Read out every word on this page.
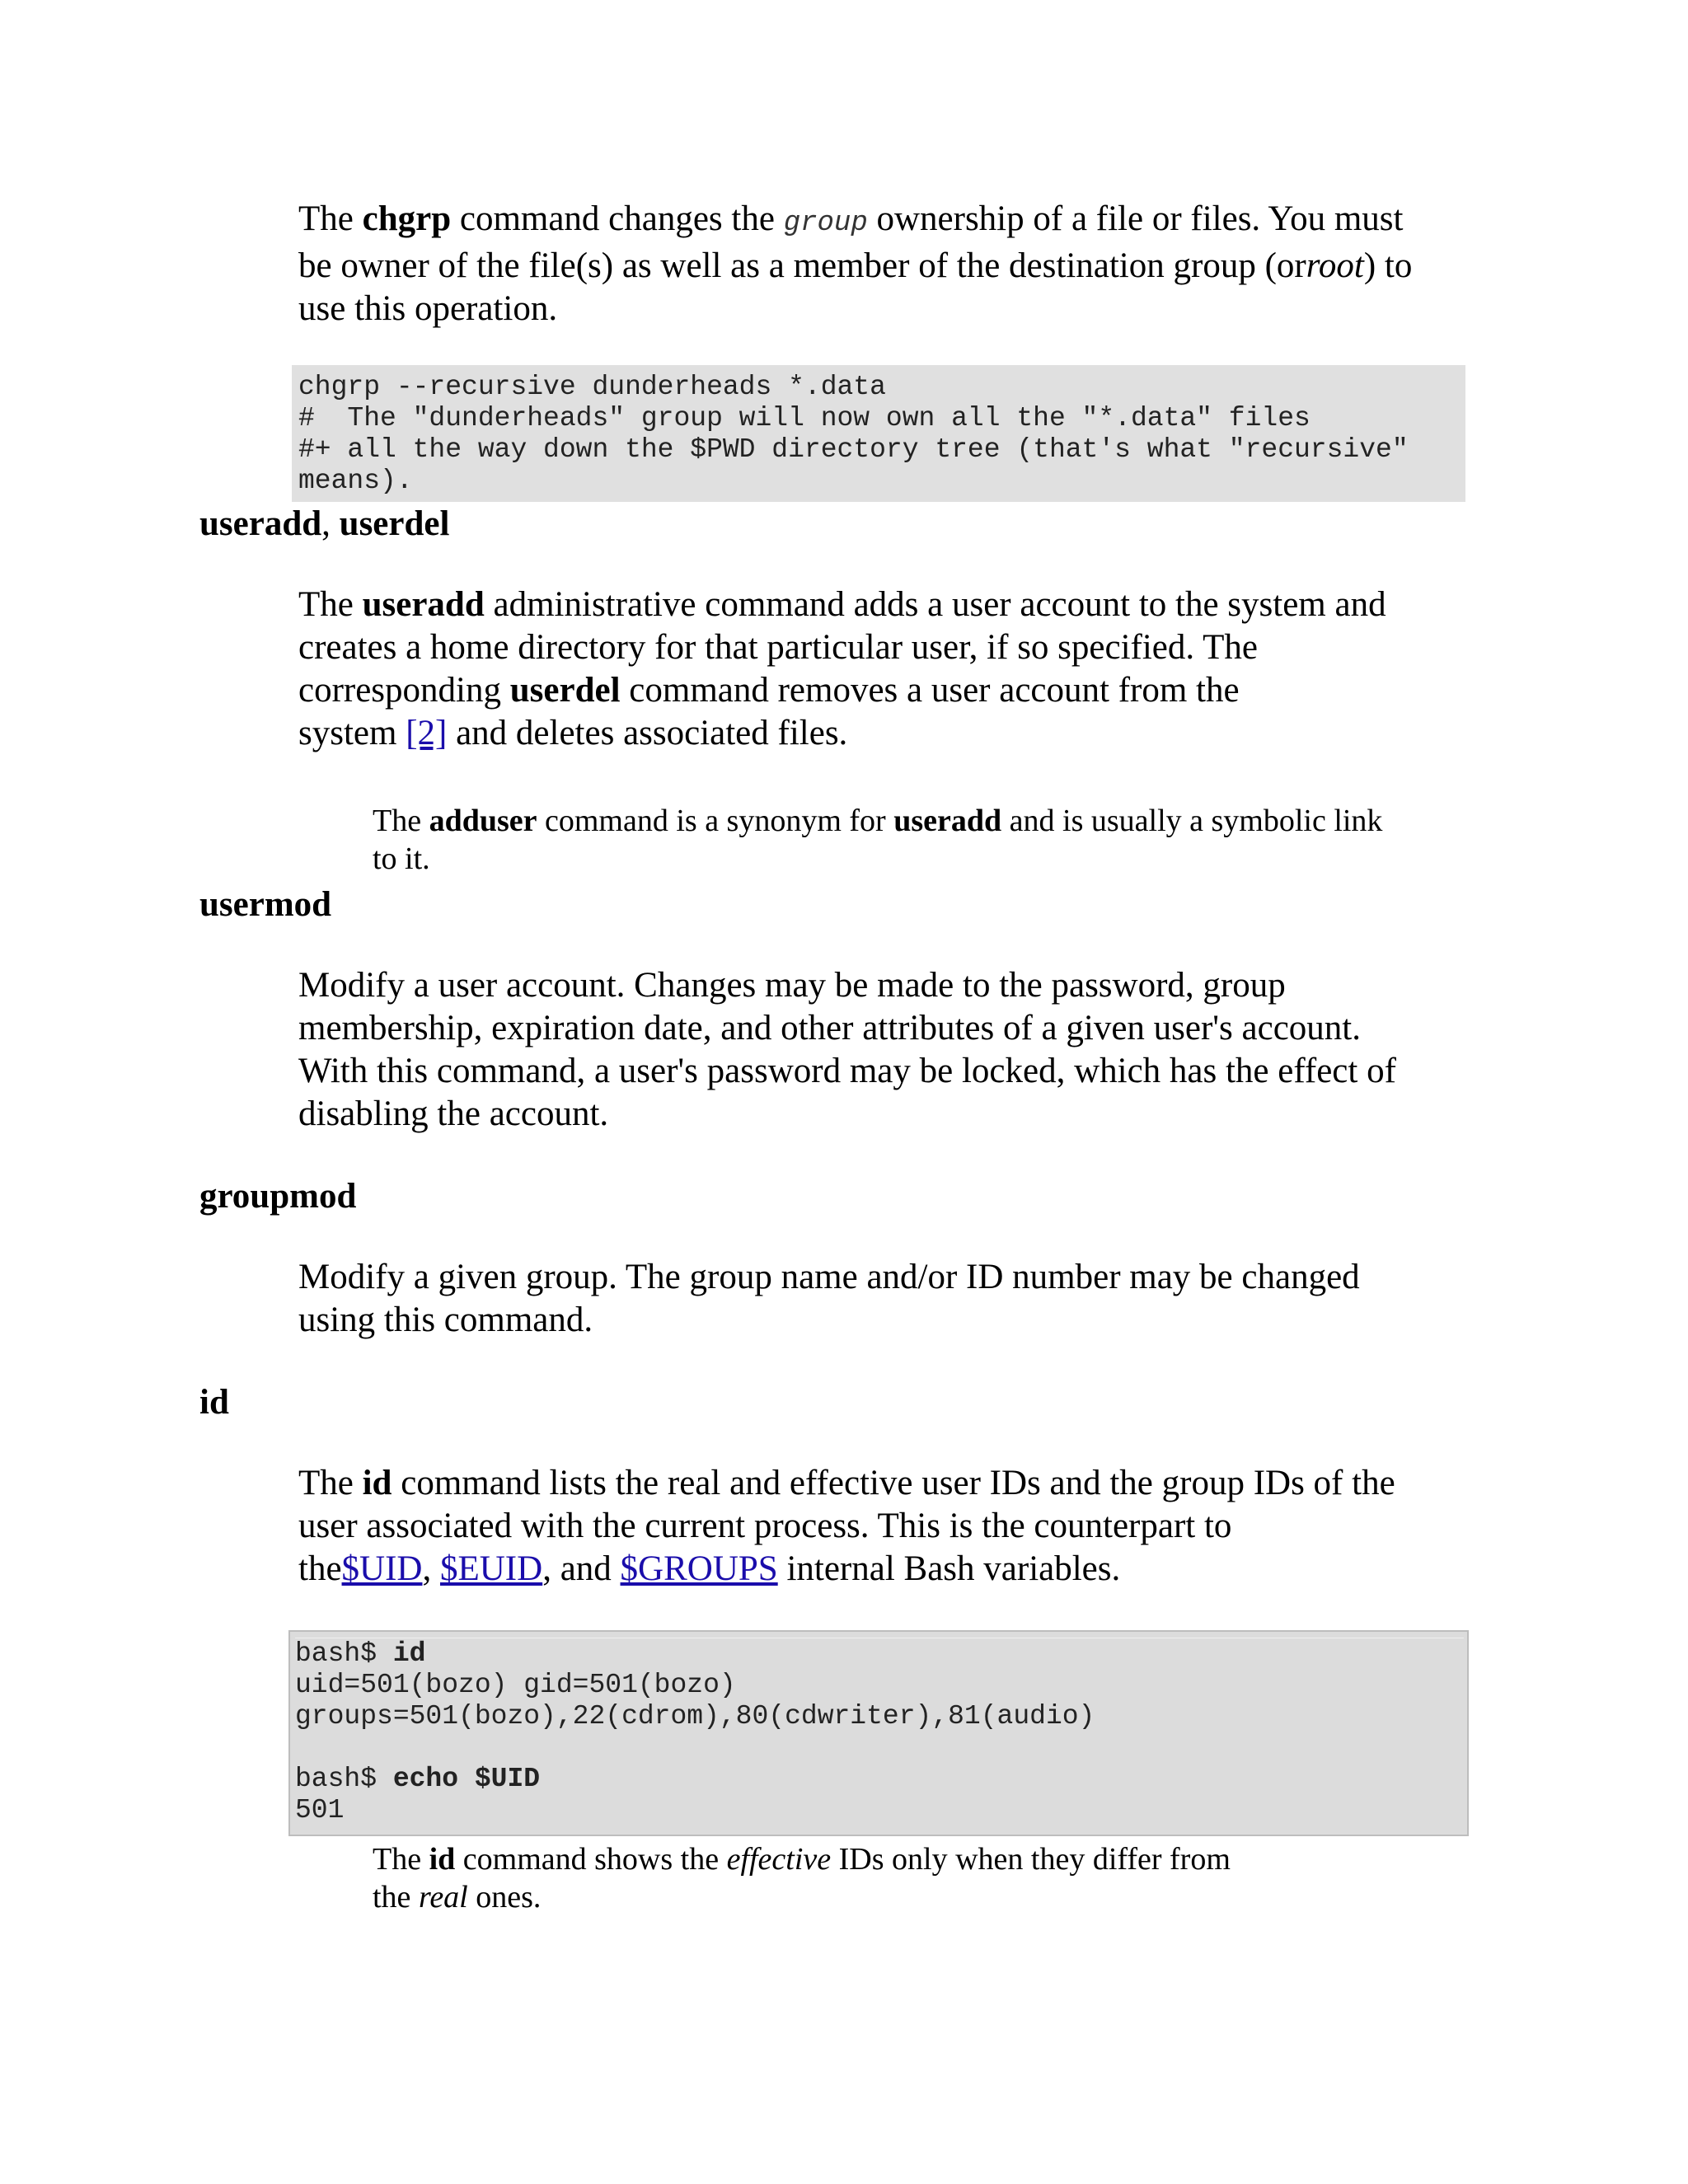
The chgrp command changes the group ownership of a file or files. You must
be owner of the file(s) as well as a member of the destination group (orroot) to
use this operation.

chgrp --recursive dunderheads *.data
#  The "dunderheads" group will now own all the "*.data" files
#+ all the way down the $PWD directory tree (that's what "recursive"
means).

useradd, userdel

The useradd administrative command adds a user account to the system and
creates a home directory for that particular user, if so specified. The
corresponding userdel command removes a user account from the
system [2] and deletes associated files.

The adduser command is a synonym for useradd and is usually a symbolic link
to it.

usermod

Modify a user account. Changes may be made to the password, group
membership, expiration date, and other attributes of a given user's account.
With this command, a user's password may be locked, which has the effect of
disabling the account.

groupmod

Modify a given group. The group name and/or ID number may be changed
using this command.

id

The id command lists the real and effective user IDs and the group IDs of the
user associated with the current process. This is the counterpart to
the$UID, $EUID, and $GROUPS internal Bash variables.

bash$ id
uid=501(bozo) gid=501(bozo)
groups=501(bozo),22(cdrom),80(cdwriter),81(audio)
bash$ echo $UID
501

The id command shows the effective IDs only when they differ from
the real ones.
